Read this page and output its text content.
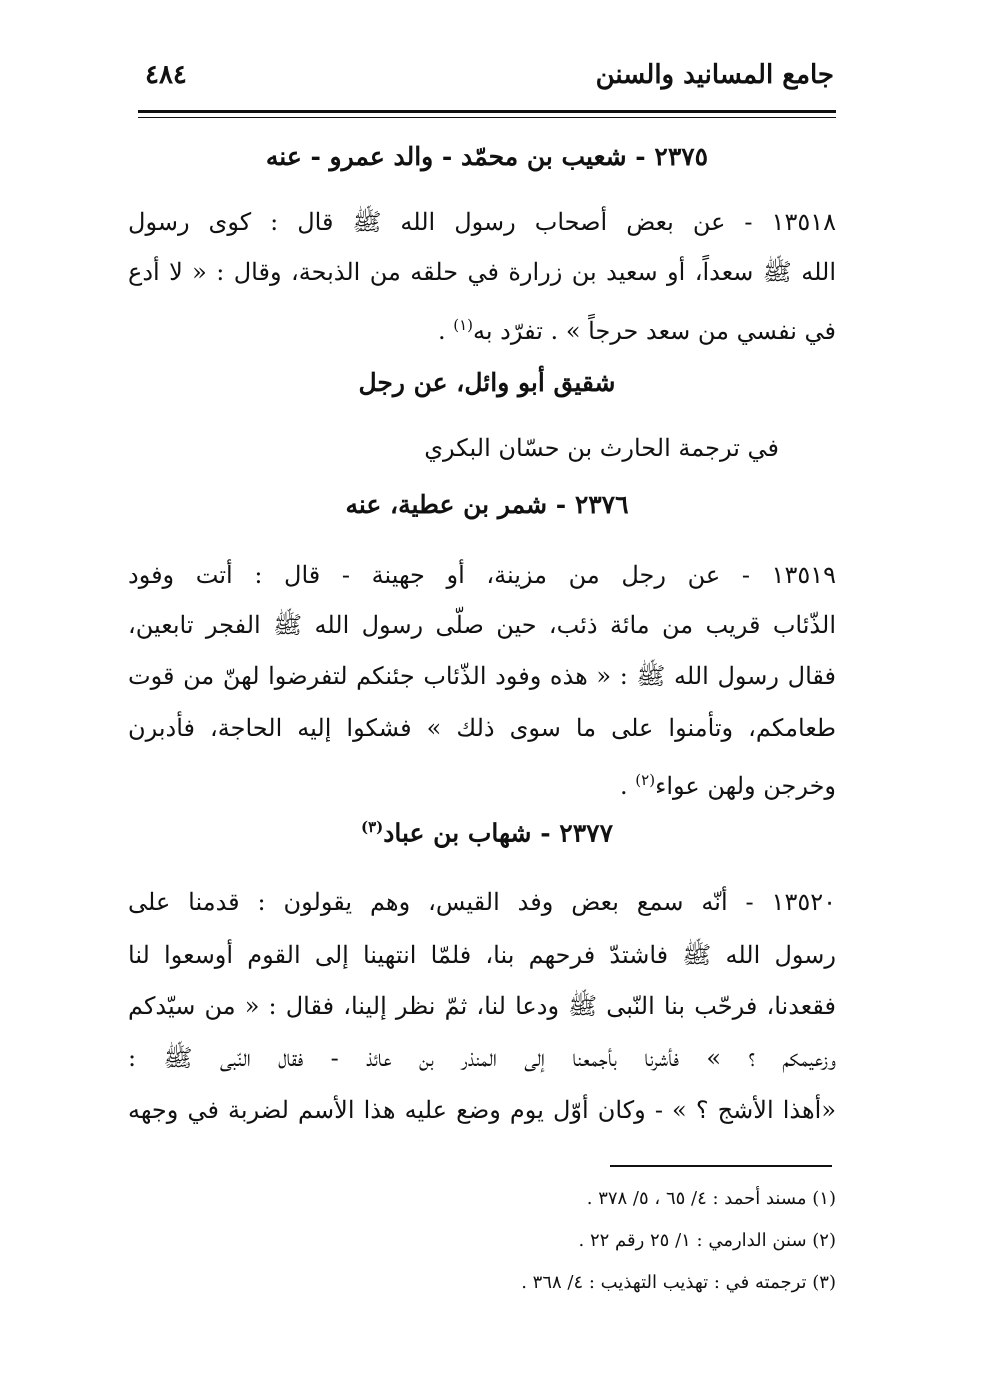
جامع المسانيد والسنن
٤٨٤
٢٣٧٥ - شعيب بن محمّد - والد عمرو - عنه
١٣٥١٨ - عن بعض أصحاب رسول الله ﷺ قال : كوى رسول
الله ﷺ سعداً، أو سعيد بن زرارة في حلقه من الذبحة، وقال : « لا أدع
في نفسي من سعد حرجاً » . تفرّد به$^{(١)}$ .
شقيق أبو وائل، عن رجل
في ترجمة الحارث بن حسّان البكري
٢٣٧٦ - شمر بن عطية، عنه
١٣٥١٩ - عن رجل من مزينة، أو جهينة - قال : أتت وفود
الذّئاب قريب من مائة ذئب، حين صلّى رسول الله ﷺ الفجر تابعين،
فقال رسول الله ﷺ : « هذه وفود الذّئاب جئنكم لتفرضوا لهنّ من قوت
طعامكم، وتأمنوا على ما سوى ذلك » فشكوا إليه الحاجة، فأدبرن
وخرجن ولهن عواء$^{(٢)}$ .
٢٣٧٧ - شهاب بن عباد$^{(٣)}$
١٣٥٢٠ - أنّه سمع بعض وفد القيس، وهم يقولون : قدمنا على
رسول الله ﷺ فاشتدّ فرحهم بنا، فلمّا انتهينا إلى القوم أوسعوا لنا
فقعدنا، فرحّب بنا النّبى ﷺ ودعا لنا، ثمّ نظر إلينا، فقال : « من سيّدكم
وزعيمكم ؟ » فأشرنا بأجمعنا إلى المنذر بن عائذ - فقال النّبى ﷺ :
«أهذا الأشج ؟ » - وكان أوّل يوم وضع عليه هذا الأسم لضربة في وجهه
(١) مسند أحمد : ٤/ ٦٥ ، ٥/ ٣٧٨ .
(٢) سنن الدارمي : ١/ ٢٥ رقم ٢٢ .
(٣) ترجمته في : تهذيب التهذيب : ٤/ ٣٦٨ .
